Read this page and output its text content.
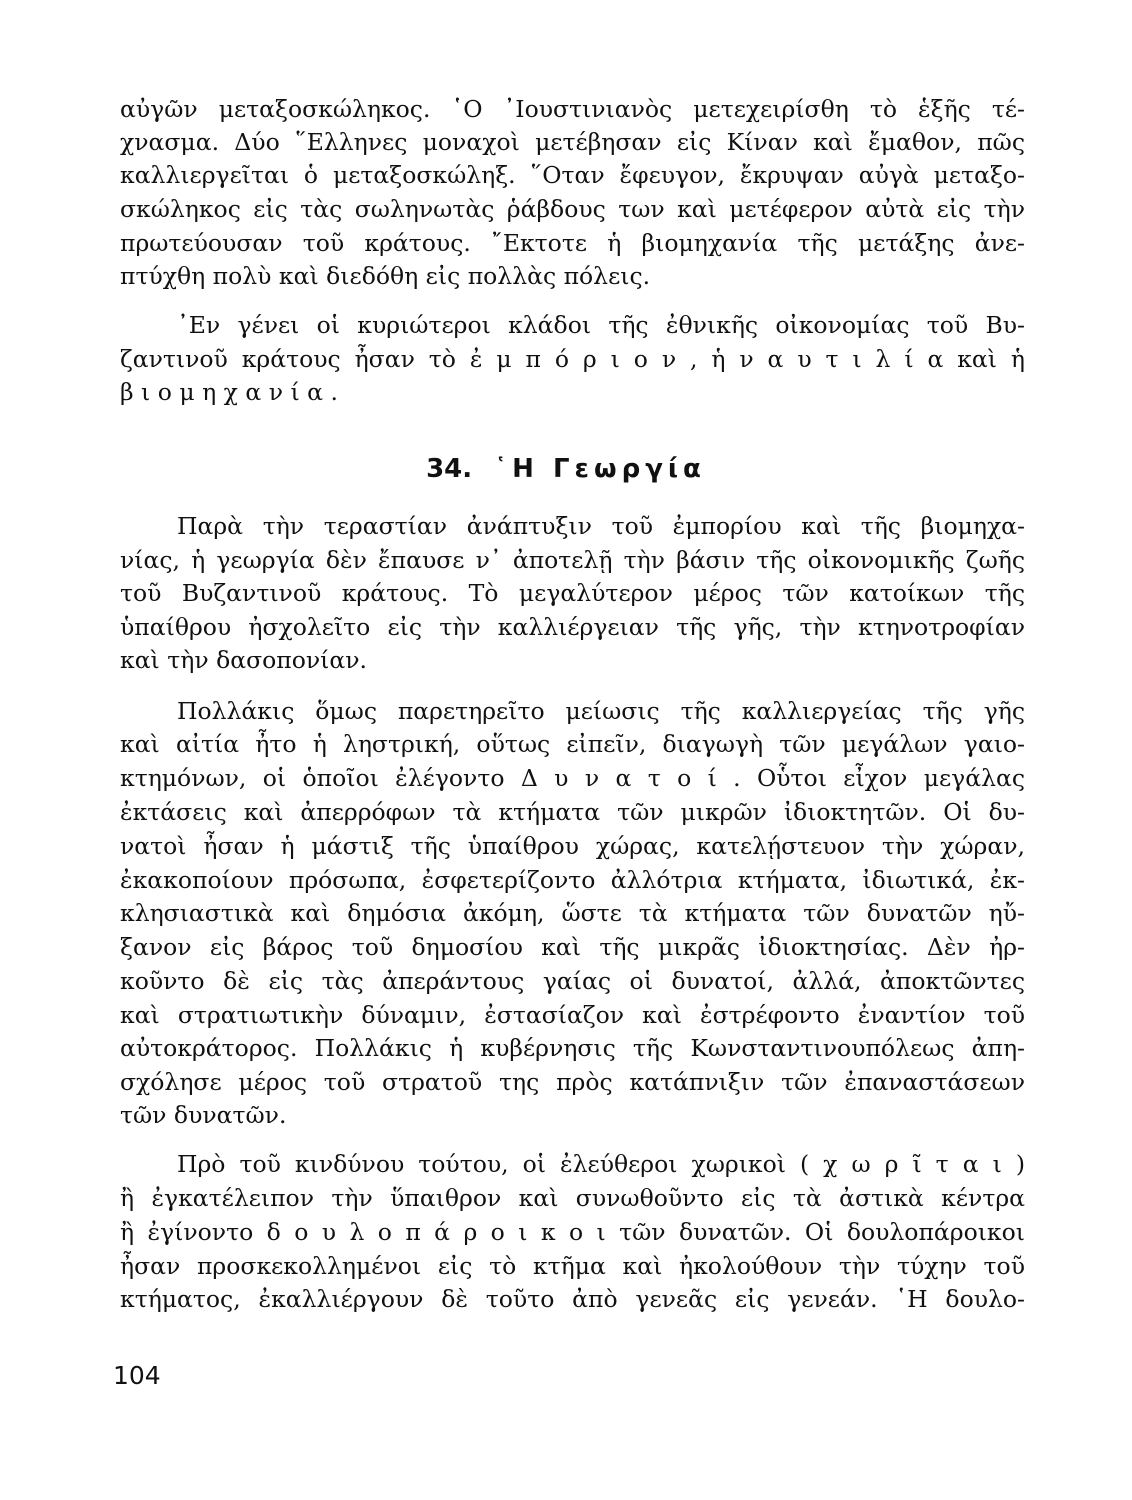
αὐγῶν μεταξοσκώληκος. ῾Ο ᾿Ιουστινιανὸς μετεχειρίσθη τὸ ἑξῆς τέ-
χνασμα. Δύο ῞Ελληνες μοναχοὶ μετέβησαν εἰς Κίναν καὶ ἔμαθον, πῶς
καλλιεργεῖται ὁ μεταξοσκώληξ. ῞Οταν ἔφευγον, ἔκρυψαν αὐγὰ μεταξο-
σκώληκος εἰς τὰς σωληνωτὰς ῥάβδους των καὶ μετέφερον αὐτὰ εἰς τὴν
πρωτεύουσαν τοῦ κράτους. ῎Εκτοτε ἡ βιομηχανία τῆς μετάξης ἀνε-
πτύχθη πολὺ καὶ διεδόθη εἰς πολλὰς πόλεις.
᾿Εν γένει οἱ κυριώτεροι κλάδοι τῆς ἐθνικῆς οἰκονομίας τοῦ Βυ-
ζαντινοῦ κράτους ἦσαν τὸ ἐ μ π ό ρ ι ο ν , ἡ ν α υ τ ι λ ί α καὶ ἡ
β ι ο μ η χ α ν ί α .
34. ῾Η Γεωργία
Παρὰ τὴν τεραστίαν ἀνάπτυξιν τοῦ ἐμπορίου καὶ τῆς βιομηχα-
νίας, ἡ γεωργία δὲν ἔπαυσε ν᾿ ἀποτελῇ τὴν βάσιν τῆς οἰκονομικῆς ζωῆς
τοῦ Βυζαντινοῦ κράτους. Τὸ μεγαλύτερον μέρος τῶν κατοίκων τῆς
ὑπαίθρου ἠσχολεῖτο εἰς τὴν καλλιέργειαν τῆς γῆς, τὴν κτηνοτροφίαν
καὶ τὴν δασοπονίαν.
Πολλάκις ὅμως παρετηρεῖτο μείωσις τῆς καλλιεργείας τῆς γῆς
καὶ αἰτία ἦτο ἡ ληστρική, οὕτως εἰπεῖν, διαγωγὴ τῶν μεγάλων γαιο-
κτημόνων, οἱ ὁποῖοι ἐλέγοντο Δ υ ν α τ ο ί . Οὗτοι εἶχον μεγάλας
ἐκτάσεις καὶ ἀπερρόφων τὰ κτήματα τῶν μικρῶν ἰδιοκτητῶν. Οἱ δυ-
νατοὶ ἦσαν ἡ μάστιξ τῆς ὑπαίθρου χώρας, κατελῄστευον τὴν χώραν,
ἐκακοποίουν πρόσωπα, ἐσφετερίζοντο ἀλλότρια κτήματα, ἰδιωτικά, ἐκ-
κλησιαστικὰ καὶ δημόσια ἀκόμη, ὥστε τὰ κτήματα τῶν δυνατῶν ηὔ-
ξανον εἰς βάρος τοῦ δημοσίου καὶ τῆς μικρᾶς ἰδιοκτησίας. Δὲν ἠρ-
κοῦντο δὲ εἰς τὰς ἀπεράντους γαίας οἱ δυνατοί, ἀλλά, ἀποκτῶντες
καὶ στρατιωτικὴν δύναμιν, ἐστασίαζον καὶ ἐστρέφοντο ἐναντίον τοῦ
αὐτοκράτορος. Πολλάκις ἡ κυβέρνησις τῆς Κωνσταντινουπόλεως ἀπη-
σχόλησε μέρος τοῦ στρατοῦ της πρὸς κατάπνιξιν τῶν ἐπαναστάσεων
τῶν δυνατῶν.
Πρὸ τοῦ κινδύνου τούτου, οἱ ἐλεύθεροι χωρικοὶ ( χ ω ρ ῖ τ α ι )
ἢ ἐγκατέλειπον τὴν ὕπαιθρον καὶ συνωθοῦντο εἰς τὰ ἀστικὰ κέντρα
ἢ ἐγίνοντο δ ο υ λ ο π ά ρ ο ι κ ο ι τῶν δυνατῶν. Οἱ δουλοπάροικοι
ἦσαν προσκεκολλημένοι εἰς τὸ κτῆμα καὶ ἠκολούθουν τὴν τύχην τοῦ
κτήματος, ἐκαλλιέργουν δὲ τοῦτο ἀπὸ γενεᾶς εἰς γενεάν. ῾Η δουλο-
104
